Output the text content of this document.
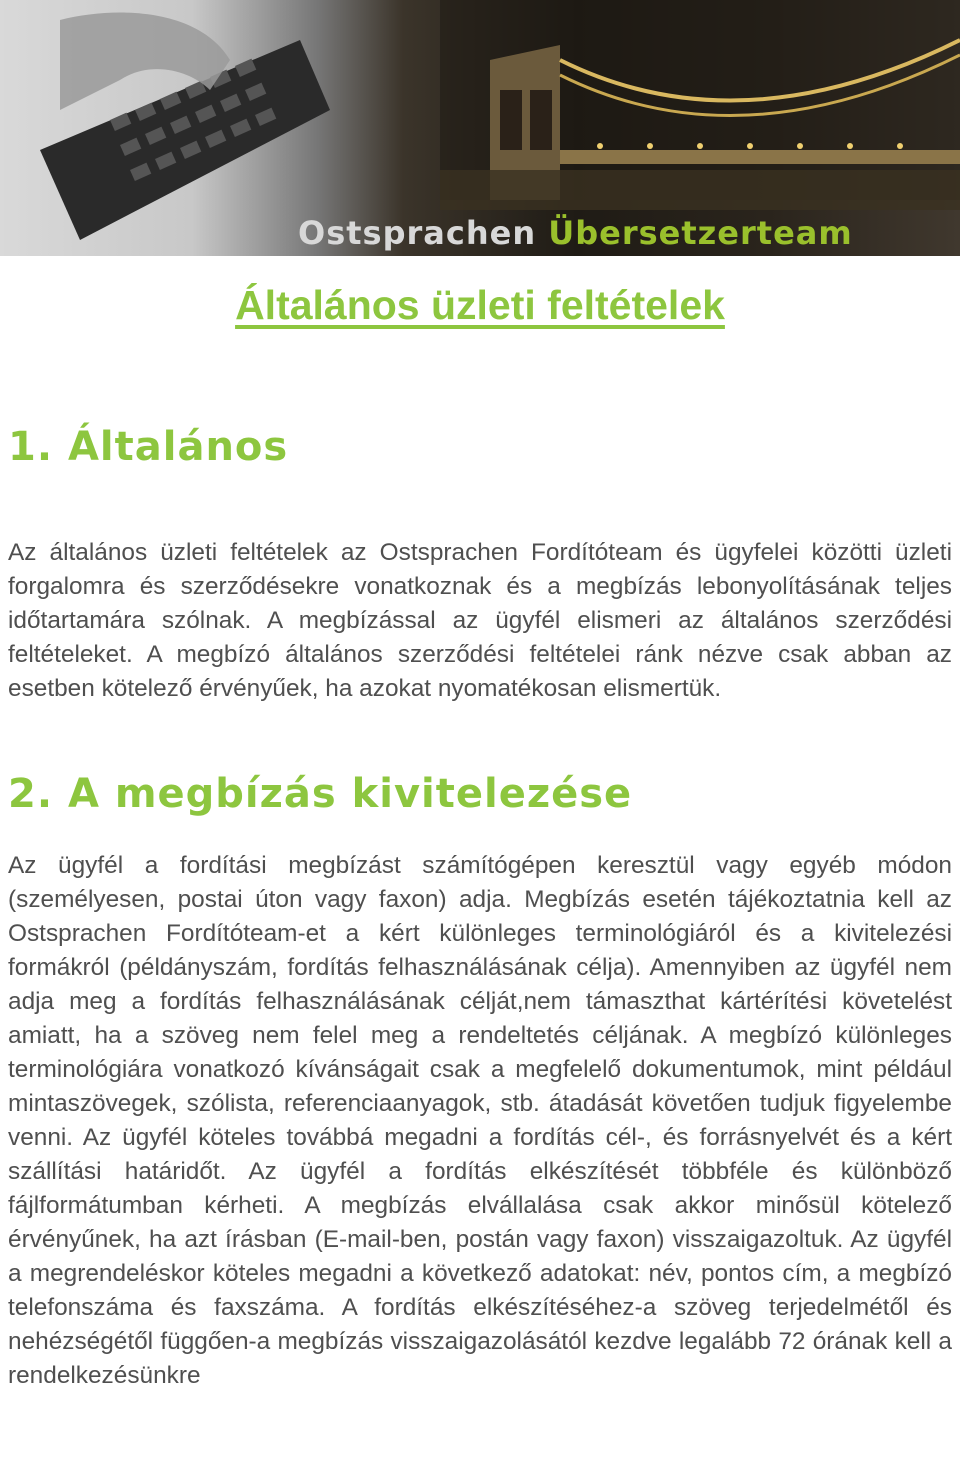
Ostsprachen Übersetzerteam
Általános üzleti feltételek
1. Általános

Az általános üzleti feltételek az Ostsprachen Fordítóteam és ügyfelei közötti üzleti forgalomra és szerződésekre vonatkoznak és a megbízás lebonyolításának teljes időtartamára szólnak. A megbízással az ügyfél elismeri az általános szerződési feltételeket. A megbízó általános szerződési feltételei ránk nézve csak abban az esetben kötelező érvényűek, ha azokat nyomatékosan elismertük.

2. A megbízás kivitelezése

Az ügyfél a fordítási megbízást számítógépen keresztül vagy egyéb módon (személyesen, postai úton vagy faxon) adja. Megbízás esetén tájékoztatnia kell az Ostsprachen Fordítóteam-et a kért különleges terminológiáról és a kivitelezési formákról (példányszám, fordítás felhasználásának célja). Amennyiben az ügyfél nem adja meg a fordítás felhasználásának célját,nem támaszthat kártérítési követelést amiatt, ha a szöveg nem felel meg a rendeltetés céljának. A megbízó különleges terminológiára vonatkozó kívánságait csak a megfelelő dokumentumok, mint például mintaszövegek, szólista, referenciaanyagok, stb. átadását követően tudjuk figyelembe venni. Az ügyfél köteles továbbá megadni a fordítás cél-, és forrásnyelvét és a kért szállítási határidőt. Az ügyfél a fordítás elkészítését többféle és különböző fájlformátumban kérheti. A megbízás elvállalása csak akkor minősül kötelező érvényűnek, ha azt írásban (E-mail-ben, postán vagy faxon) visszaigazoltuk. Az ügyfél a megrendeléskor köteles megadni a következő adatokat: név, pontos cím, a megbízó telefonszáma és faxszáma. A fordítás elkészítéséhez-a szöveg terjedelmétől és nehézségétől függően-a megbízás visszaigazolásától kezdve legalább 72 órának kell a rendelkezésünkre
